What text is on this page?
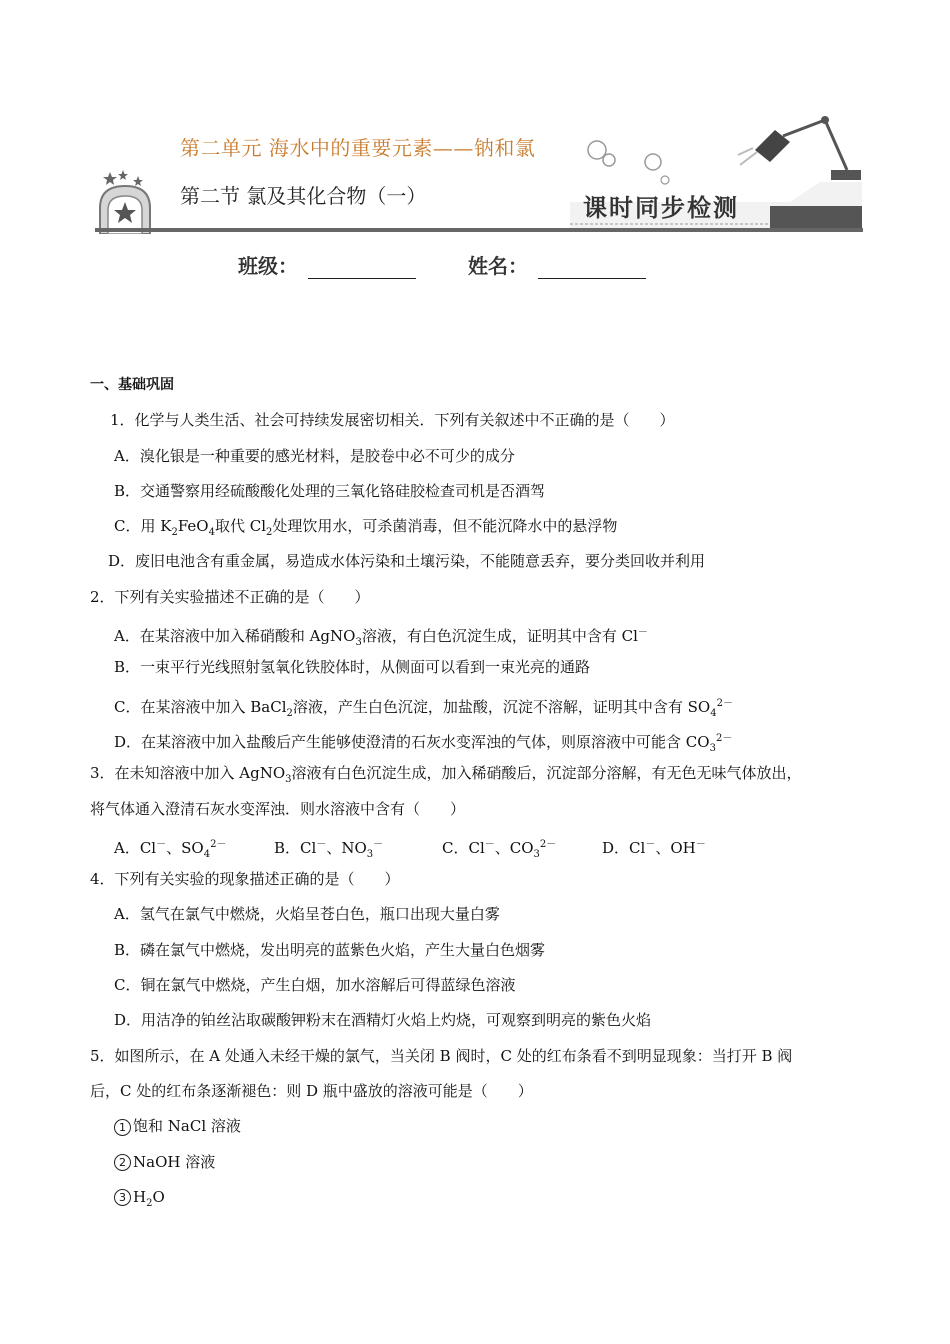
第二单元 海水中的重要元素——钠和氯
第二节 氯及其化合物（一）	课时同步检测
班级：	姓名：
一、基础巩固
1．化学与人类生活、社会可持续发展密切相关．下列有关叙述中不正确的是（　　）
A．溴化银是一种重要的感光材料，是胶卷中必不可少的成分
B．交通警察用经硫酸酸化处理的三氧化铬硅胶检查司机是否酒驾
C．用 $K_2FeO_4$取代 $Cl_2$处理饮用水，可杀菌消毒，但不能沉降水中的悬浮物
D．废旧电池含有重金属，易造成水体污染和土壤污染，不能随意丢弃，要分类回收并利用
2．下列有关实验描述不正确的是（　　）
A．在某溶液中加入稀硝酸和 AgNO$_3$溶液，有白色沉淀生成，证明其中含有 Cl－
B．一束平行光线照射氢氧化铁胶体时，从侧面可以看到一束光亮的通路
C．在某溶液中加入 BaCl$_2$溶液，产生白色沉淀，加盐酸，沉淀不溶解，证明其中含有 $SO_4^{2-}$
D．在某溶液中加入盐酸后产生能够使澄清的石灰水变浑浊的气体，则原溶液中可能含 $CO_3^{2-}$
3．在未知溶液中加入 AgNO$_3$溶液有白色沉淀生成，加入稀硝酸后，沉淀部分溶解，有无色无味气体放出，
将气体通入澄清石灰水变浑浊．则水溶液中含有（　　）
A．Cl－、$SO_4^{2-}$	B．Cl－、$NO_3^-$	C．Cl－、$CO_3^{2-}$	D．Cl－、OH－
4．下列有关实验的现象描述正确的是（　　）
A．氢气在氯气中燃烧，火焰呈苍白色，瓶口出现大量白雾
B．磷在氯气中燃烧，发出明亮的蓝紫色火焰，产生大量白色烟雾
C．铜在氯气中燃烧，产生白烟，加水溶解后可得蓝绿色溶液
D．用洁净的铂丝沾取碳酸钾粉末在酒精灯火焰上灼烧，可观察到明亮的紫色火焰
5．如图所示，在 A 处通入未经干燥的氯气，当关闭 B 阀时，C 处的红布条看不到明显现象：当打开 B 阀
后，C 处的红布条逐渐褪色：则 D 瓶中盛放的溶液可能是（　　）
1 饱和 NaCl 溶液
2 NaOH 溶液
3 $H_2O$
